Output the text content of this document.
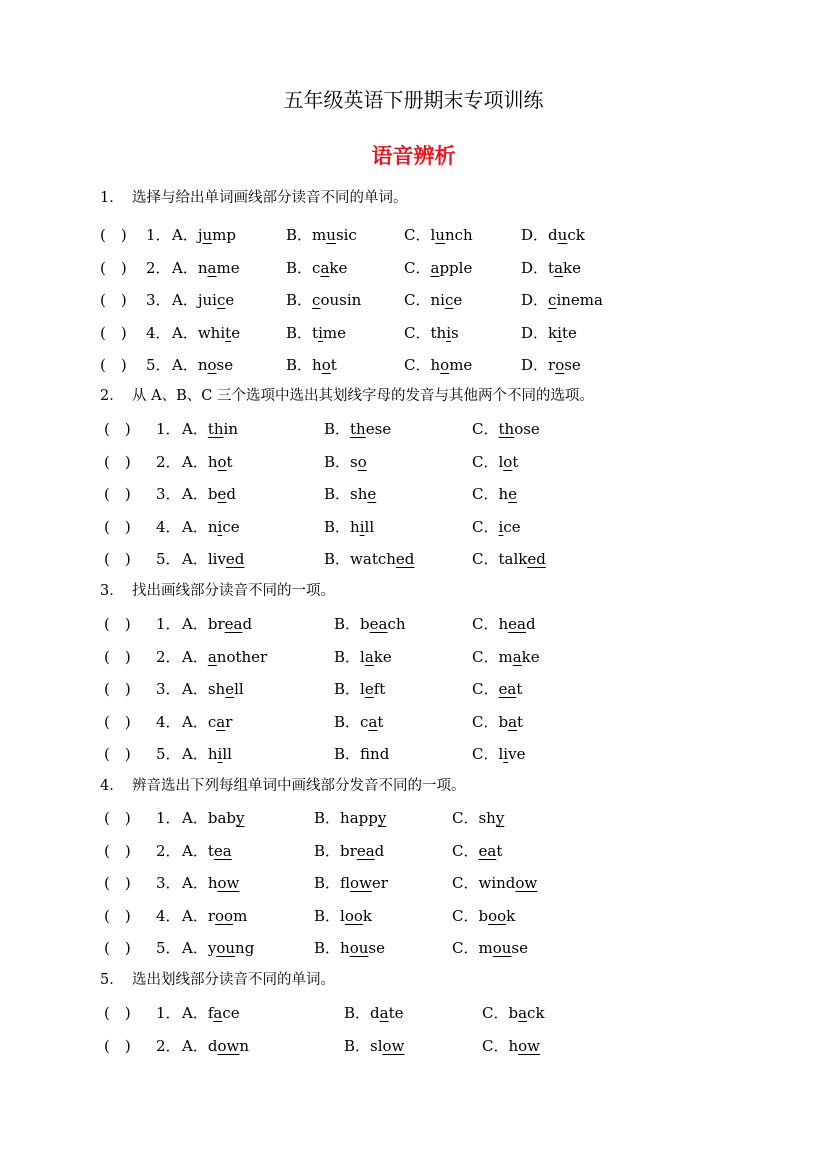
五年级英语下册期末专项训练
语音辨析
1． 选择与给出单词画线部分读音不同的单词。
(　) 1． A．jump	B．music	C．lunch	D．duck
(　) 2． A．name	B．cake	C．apple	D．take
(　) 3． A．juice	B．cousin	C．nice	D．cinema
(　) 4． A．white	B．time	C．this	D．kite
(　) 5． A．nose	B．hot	C．home	D．rose
2． 从 A、B、C 三个选项中选出其划线字母的发音与其他两个不同的选项。
(　) 1． A．thin	B．these	C．those
(　) 2． A．hot	B．so	C．lot
(　) 3． A．bed	B．she	C．he
(　) 4． A．nice	B．hill	C．ice
(　) 5． A．lived	B．watched	C．talked
3． 找出画线部分读音不同的一项。
(　) 1． A．bread	B．beach	C．head
(　) 2． A．another	B．lake	C．make
(　) 3． A．shell	B．left	C．eat
(　) 4． A．car	B．cat	C．bat
(　) 5． A．hill	B．fnd	C．live
4． 辨音选出下列每组单词中画线部分发音不同的一项。
(　) 1． A．baby	B．happy	C．shy
(　) 2． A．tea	B．bread	C．eat
(　) 3． A．how	B．flower	C．window
(　) 4． A．room	B．look	C．book
(　) 5． A．young	B．house	C．mouse
5． 选出划线部分读音不同的单词。
(　) 1． A．face	B．date	C．back
(　) 2． A．down	B．slow	C．how
